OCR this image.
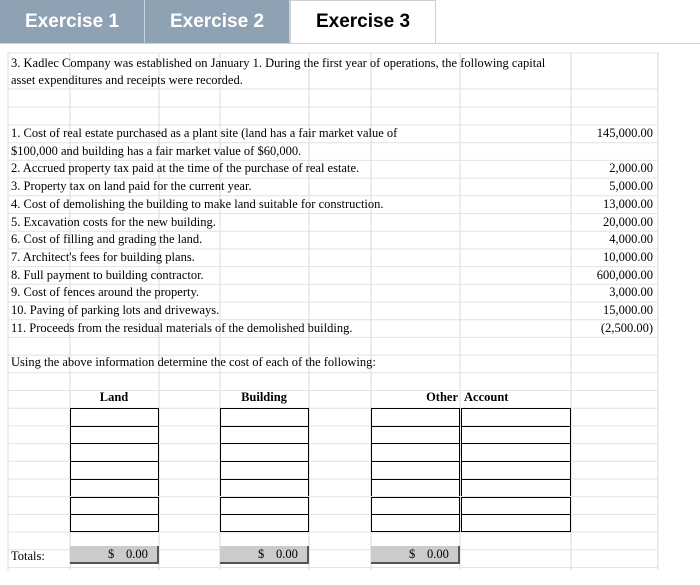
Exercise 1	Exercise 2	Exercise 3
3. Kadlec Company was established on January 1. During the first year of operations, the following capital
asset expenditures and receipts were recorded.
1. Cost of real estate purchased as a plant site (land has a fair market value of	145,000.00
$100,000 and building has a fair market value of $60,000.
2. Accrued property tax paid at the time of the purchase of real estate.	2,000.00
3. Property tax on land paid for the current year.	5,000.00
4. Cost of demolishing the building to make land suitable for construction.	13,000.00
5. Excavation costs for the new building.	20,000.00
6. Cost of filling and grading the land.	4,000.00
7. Architect's fees for building plans.	10,000.00
8. Full payment to building contractor.	600,000.00
9. Cost of fences around the property.	3,000.00
10. Paving of parking lots and driveways.	15,000.00
11. Proceeds from the residual materials of the demolished building.	(2,500.00)
Using the above information determine the cost of each of the following:
Land	Building	Other Account
Totals:	$ 0.00	$ 0.00	$ 0.00
